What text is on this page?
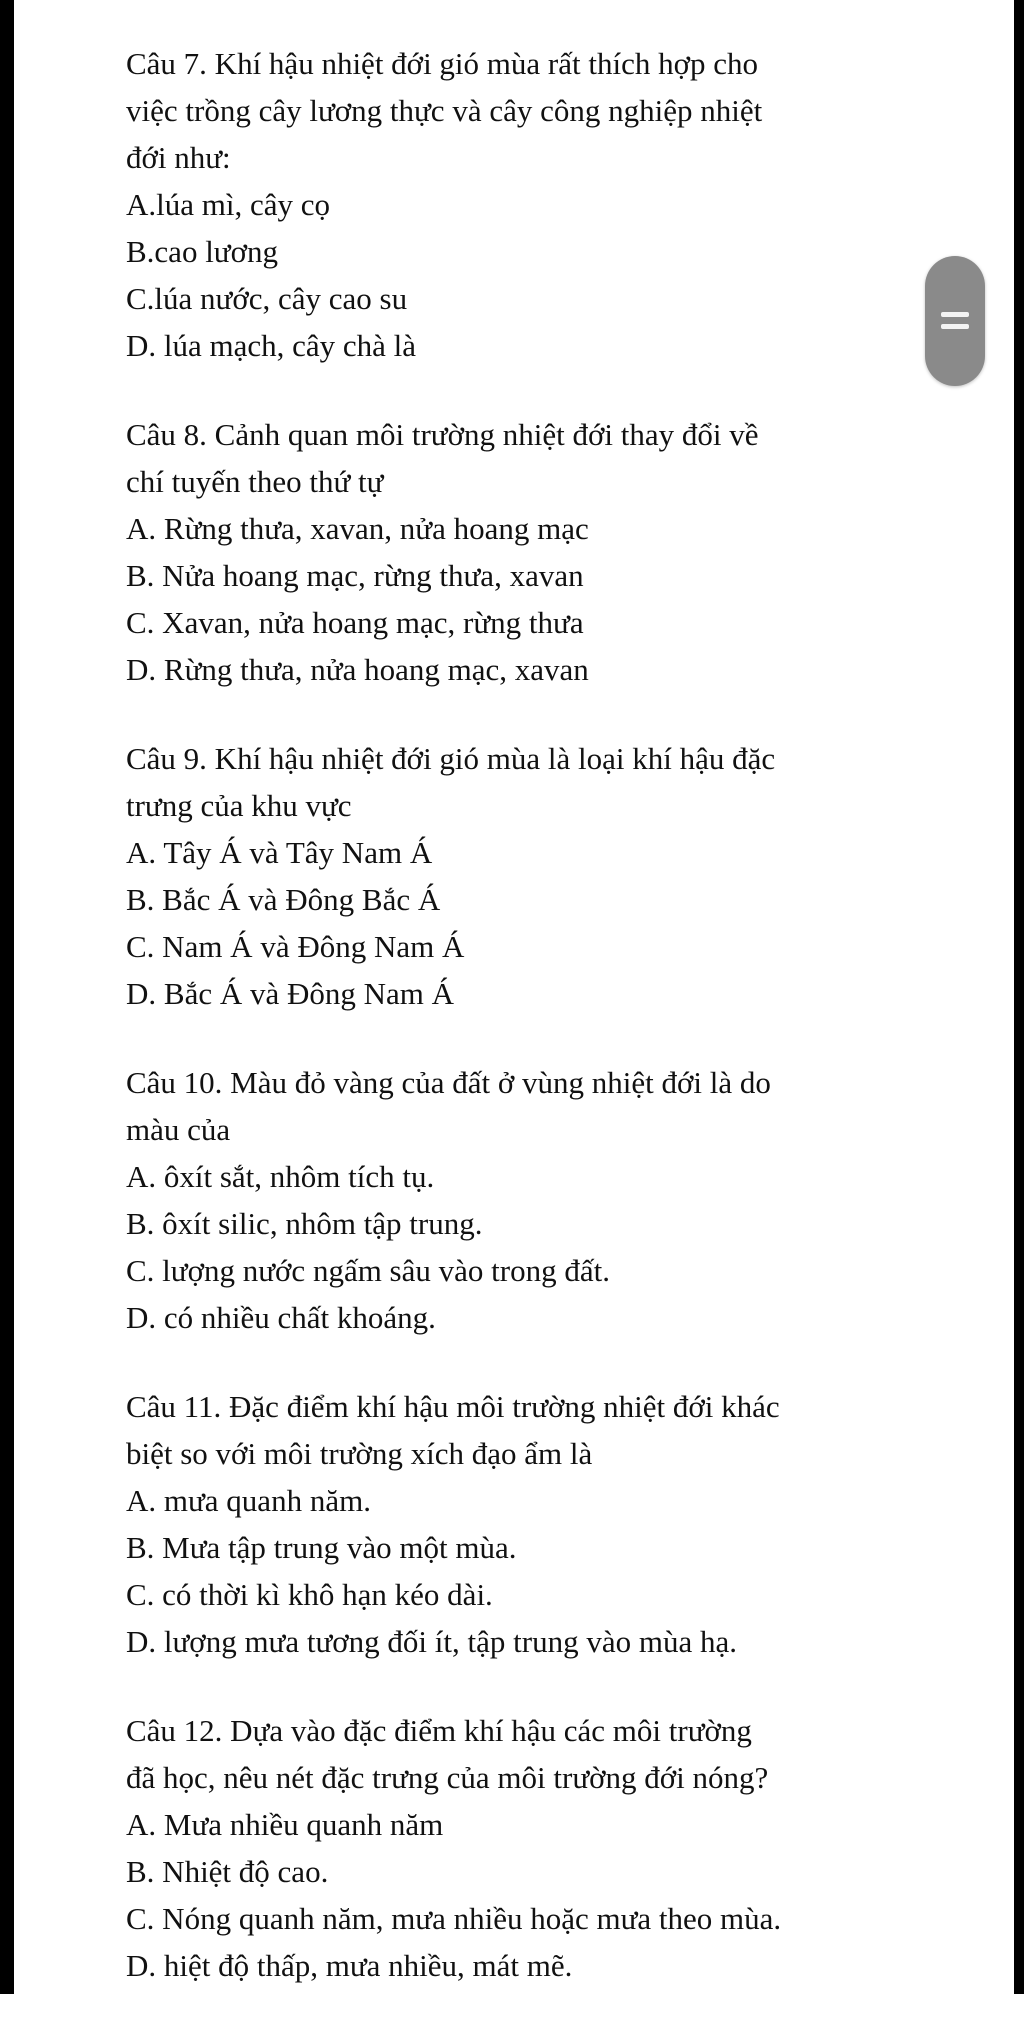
Câu 7. Khí hậu nhiệt đới gió mùa rất thích hợp cho

việc trồng cây lương thực và cây công nghiệp nhiệt

đới như:

A.lúa mì, cây cọ

B.cao lương

C.lúa nước, cây cao su

D. lúa mạch, cây chà là

Câu 8. Cảnh quan môi trường nhiệt đới thay đổi về

chí tuyến theo thứ tự

A. Rừng thưa, xavan, nửa hoang mạc

B. Nửa hoang mạc, rừng thưa, xavan

C. Xavan, nửa hoang mạc, rừng thưa

D. Rừng thưa, nửa hoang mạc, xavan

Câu 9. Khí hậu nhiệt đới gió mùa là loại khí hậu đặc

trưng của khu vực

A. Tây Á và Tây Nam Á

B. Bắc Á và Đông Bắc Á

C. Nam Á và Đông Nam Á

D. Bắc Á và Đông Nam Á

Câu 10. Màu đỏ vàng của đất ở vùng nhiệt đới là do

màu của

A. ôxít sắt, nhôm tích tụ.

B. ôxít silic, nhôm tập trung.

C. lượng nước ngấm sâu vào trong đất.

D. có nhiều chất khoáng.

Câu 11. Đặc điểm khí hậu môi trường nhiệt đới khác

biệt so với môi trường xích đạo ẩm là

A. mưa quanh năm.

B. Mưa tập trung vào một mùa.

C. có thời kì khô hạn kéo dài.

D. lượng mưa tương đối ít, tập trung vào mùa hạ.

Câu 12. Dựa vào đặc điểm khí hậu các môi trường

đã học, nêu nét đặc trưng của môi trường đới nóng?

A. Mưa nhiều quanh năm

B. Nhiệt độ cao.

C. Nóng quanh năm, mưa nhiều hoặc mưa theo mùa.

D. hiệt độ thấp, mưa nhiều, mát mẽ.
